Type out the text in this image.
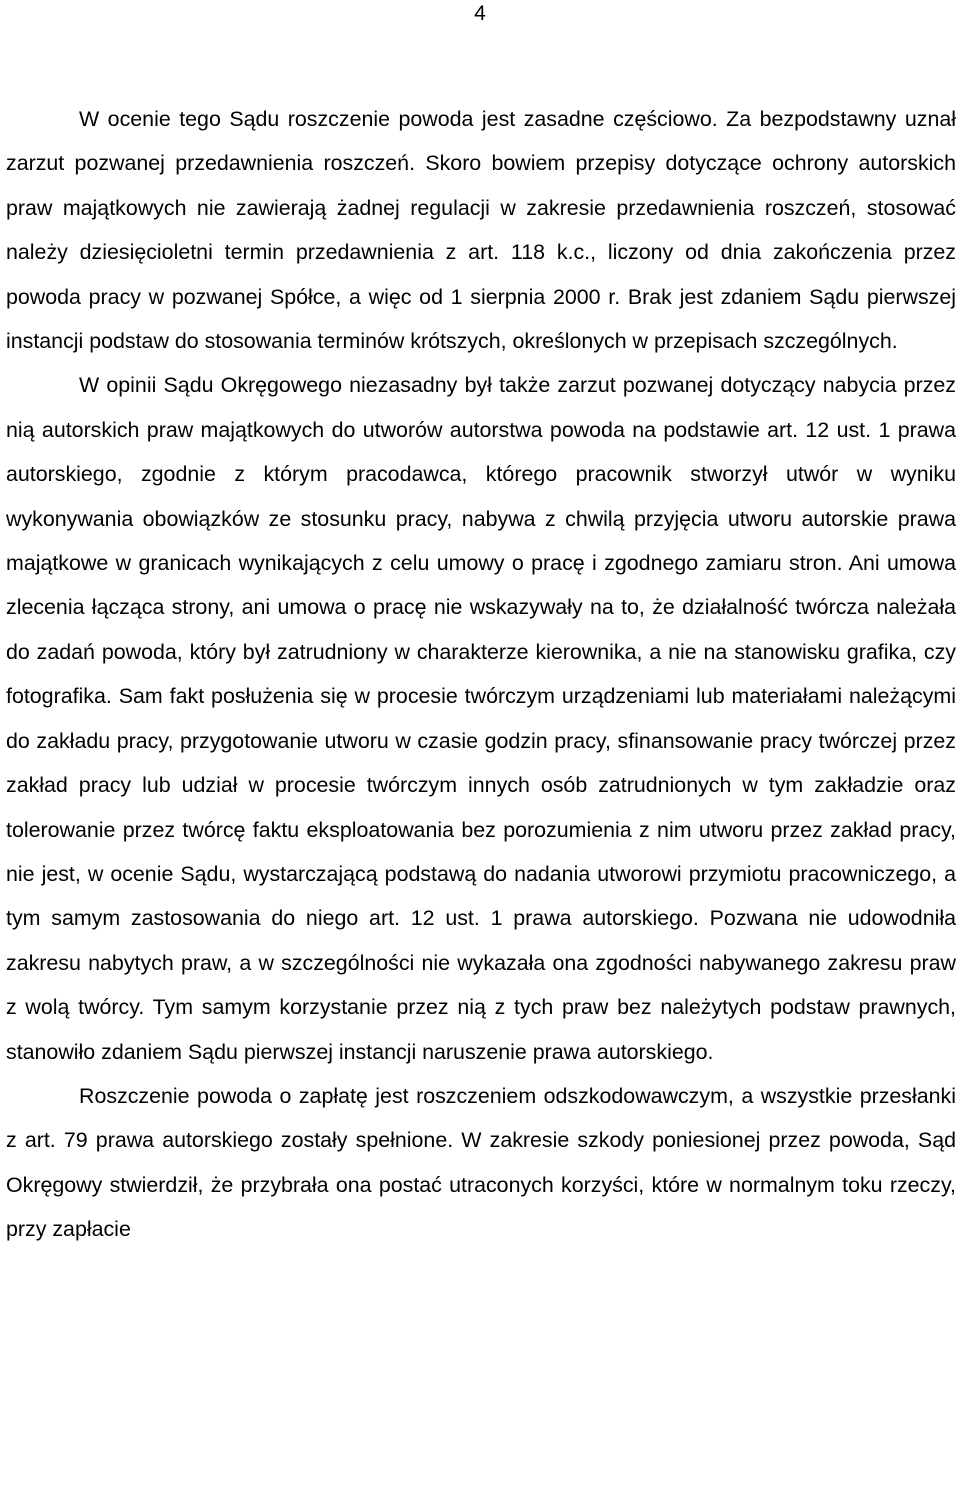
4

W ocenie tego Sądu roszczenie powoda jest zasadne częściowo. Za bezpodstawny uznał zarzut pozwanej przedawnienia roszczeń. Skoro bowiem przepisy dotyczące ochrony autorskich praw majątkowych nie zawierają żadnej regulacji w zakresie przedawnienia roszczeń, stosować należy dziesięcioletni termin przedawnienia z art. 118 k.c., liczony od dnia zakończenia przez powoda pracy w pozwanej Spółce, a więc od 1 sierpnia 2000 r. Brak jest zdaniem Sądu pierwszej instancji podstaw do stosowania terminów krótszych, określonych w przepisach szczególnych.

W opinii Sądu Okręgowego niezasadny był także zarzut pozwanej dotyczący nabycia przez nią autorskich praw majątkowych do utworów autorstwa powoda na podstawie art. 12 ust. 1 prawa autorskiego, zgodnie z którym pracodawca, którego pracownik stworzył utwór w wyniku wykonywania obowiązków ze stosunku pracy, nabywa z chwilą przyjęcia utworu autorskie prawa majątkowe w granicach wynikających z celu umowy o pracę i zgodnego zamiaru stron. Ani umowa zlecenia łącząca strony, ani umowa o pracę nie wskazywały na to, że działalność twórcza należała do zadań powoda, który był zatrudniony w charakterze kierownika, a nie na stanowisku grafika, czy fotografika. Sam fakt posłużenia się w procesie twórczym urządzeniami lub materiałami należącymi do zakładu pracy, przygotowanie utworu w czasie godzin pracy, sfinansowanie pracy twórczej przez zakład pracy lub udział w procesie twórczym innych osób zatrudnionych w tym zakładzie oraz tolerowanie przez twórcę faktu eksploatowania bez porozumienia z nim utworu przez zakład pracy, nie jest, w ocenie Sądu, wystarczającą podstawą do nadania utworowi przymiotu pracowniczego, a tym samym zastosowania do niego art. 12 ust. 1 prawa autorskiego. Pozwana nie udowodniła zakresu nabytych praw, a w szczególności nie wykazała ona zgodności nabywanego zakresu praw z wolą twórcy. Tym samym korzystanie przez nią z tych praw bez należytych podstaw prawnych, stanowiło zdaniem Sądu pierwszej instancji naruszenie prawa autorskiego.

Roszczenie powoda o zapłatę jest roszczeniem odszkodowawczym, a wszystkie przesłanki z art. 79 prawa autorskiego zostały spełnione. W zakresie szkody poniesionej przez powoda, Sąd Okręgowy stwierdził, że przybrała ona postać utraconych korzyści, które w normalnym toku rzeczy, przy zapłacie
